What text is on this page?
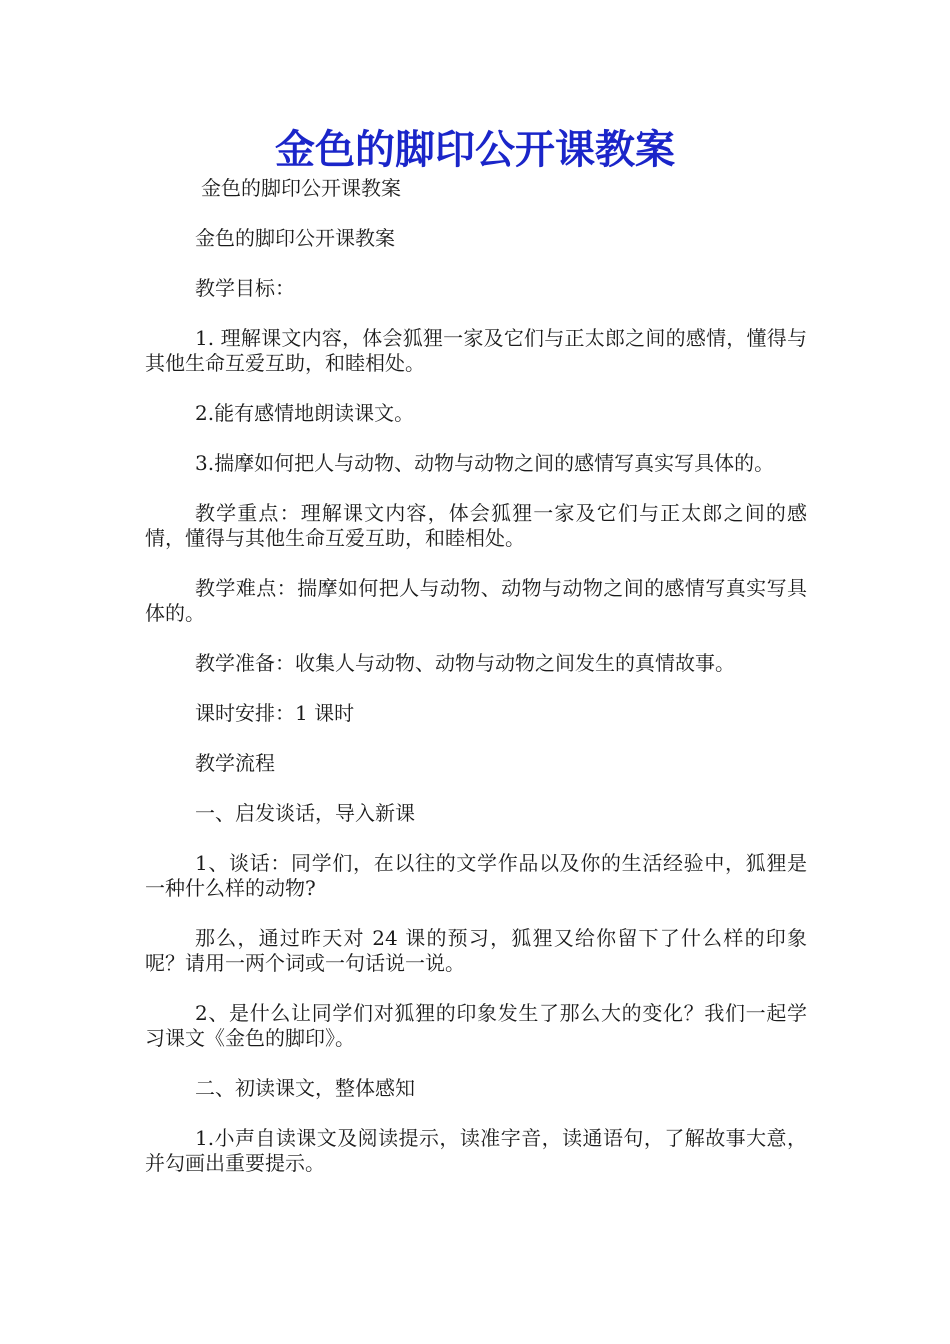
金色的脚印公开课教案

金色的脚印公开课教案

金色的脚印公开课教案

教学目标：

1. 理解课文内容，体会狐狸一家及它们与正太郎之间的感情，懂得与其他生命互爱互助，和睦相处。

2.能有感情地朗读课文。

3.揣摩如何把人与动物、动物与动物之间的感情写真实写具体的。

教学重点：理解课文内容，体会狐狸一家及它们与正太郎之间的感情，懂得与其他生命互爱互助，和睦相处。

教学难点：揣摩如何把人与动物、动物与动物之间的感情写真实写具体的。

教学准备：收集人与动物、动物与动物之间发生的真情故事。

课时安排：1 课时

教学流程

一、启发谈话，导入新课

1、谈话：同学们，在以往的文学作品以及你的生活经验中，狐狸是一种什么样的动物?

那么，通过昨天对 24 课的预习，狐狸又给你留下了什么样的印象呢？请用一两个词或一句话说一说。

2、是什么让同学们对狐狸的印象发生了那么大的变化？我们一起学习课文《金色的脚印》。

二、初读课文，整体感知

1.小声自读课文及阅读提示，读准字音，读通语句，了解故事大意，并勾画出重要提示。
